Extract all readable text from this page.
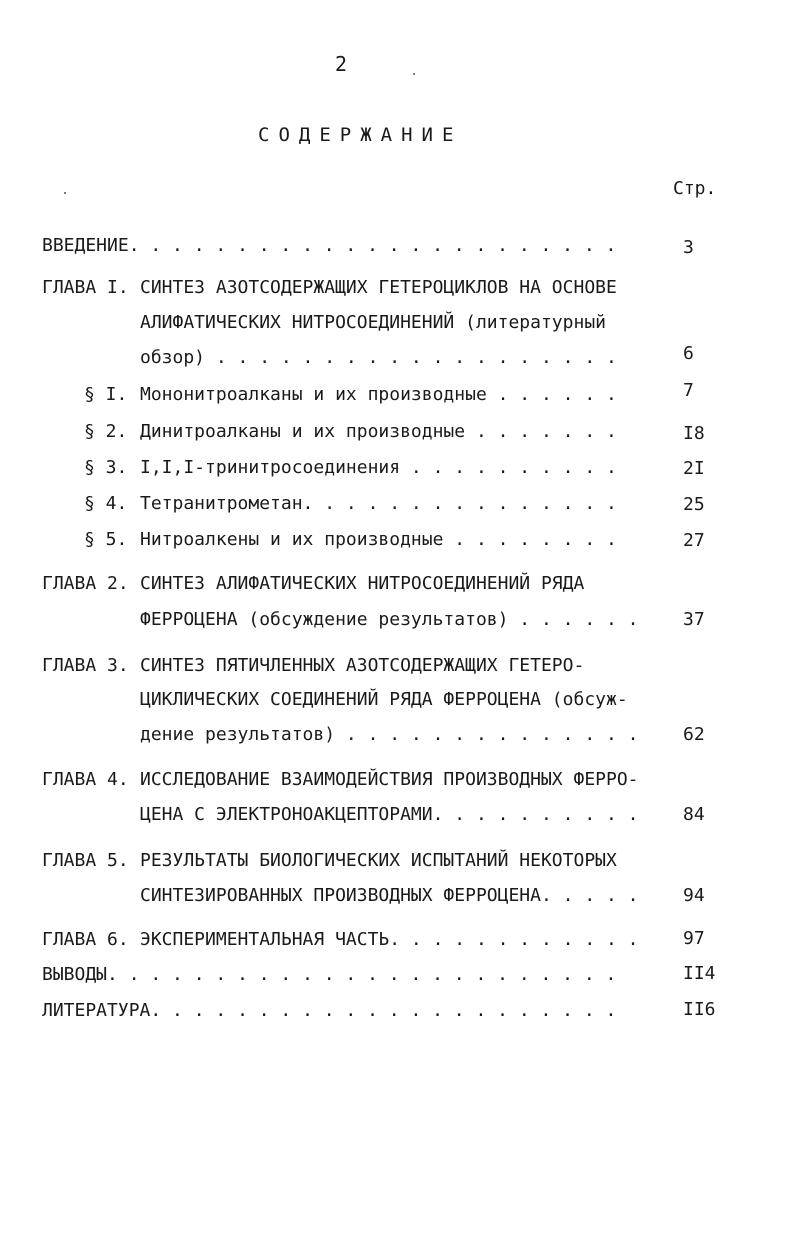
2
СОДЕРЖАНИЕ
Стр.
ВВЕДЕНИЕ. . . . . . . . . . . . . . . . . . . . . . .	3
ГЛАВА I. СИНТЕЗ АЗОТСОДЕРЖАЩИХ ГЕТЕРОЦИКЛОВ НА ОСНОВЕ
АЛИФАТИЧЕСКИХ НИТРОСОЕДИНЕНИЙ (литературный
обзор) . . . . . . . . . . . . . . . . . . .	6
§ I. Мононитроалканы и их производные . . . . . .	7
§ 2. Динитроалканы и их производные . . . . . . .	I8
§ 3. I,I,I-тринитросоединения . . . . . . . . . .	2I
§ 4. Тетранитрометан. . . . . . . . . . . . . . .	25
§ 5. Нитроалкены и их производные . . . . . . . .	27
ГЛАВА 2. СИНТЕЗ АЛИФАТИЧЕСКИХ НИТРОСОЕДИНЕНИЙ РЯДА
ФЕРРОЦЕНА (обсуждение результатов) . . . . . . 37
ГЛАВА 3. СИНТЕЗ ПЯТИЧЛЕННЫХ АЗОТСОДЕРЖАЩИХ ГЕТЕРО-
ЦИКЛИЧЕСКИХ СОЕДИНЕНИЙ РЯДА ФЕРРОЦЕНА (обсуж-
дение результатов) . . . . . . . . . . . . . . 62
ГЛАВА 4. ИССЛЕДОВАНИЕ ВЗАИМОДЕЙСТВИЯ ПРОИЗВОДНЫХ ФЕРРО-
ЦЕНА С ЭЛЕКТРОНОАКЦЕПТОРАМИ. . . . . . . . . . 84
ГЛАВА 5. РЕЗУЛЬТАТЫ БИОЛОГИЧЕСКИХ ИСПЫТАНИЙ НЕКОТОРЫХ
СИНТЕЗИРОВАННЫХ ПРОИЗВОДНЫХ ФЕРРОЦЕНА. . . . . 94
ГЛАВА 6. ЭКСПЕРИМЕНТАЛЬНАЯ ЧАСТЬ. . . . . . . . . . . . 97
ВЫВОДЫ. . . . . . . . . . . . . . . . . . . . . . . .	II4
ЛИТЕРАТУРА. . . . . . . . . . . . . . . . . . . . . .	II6
